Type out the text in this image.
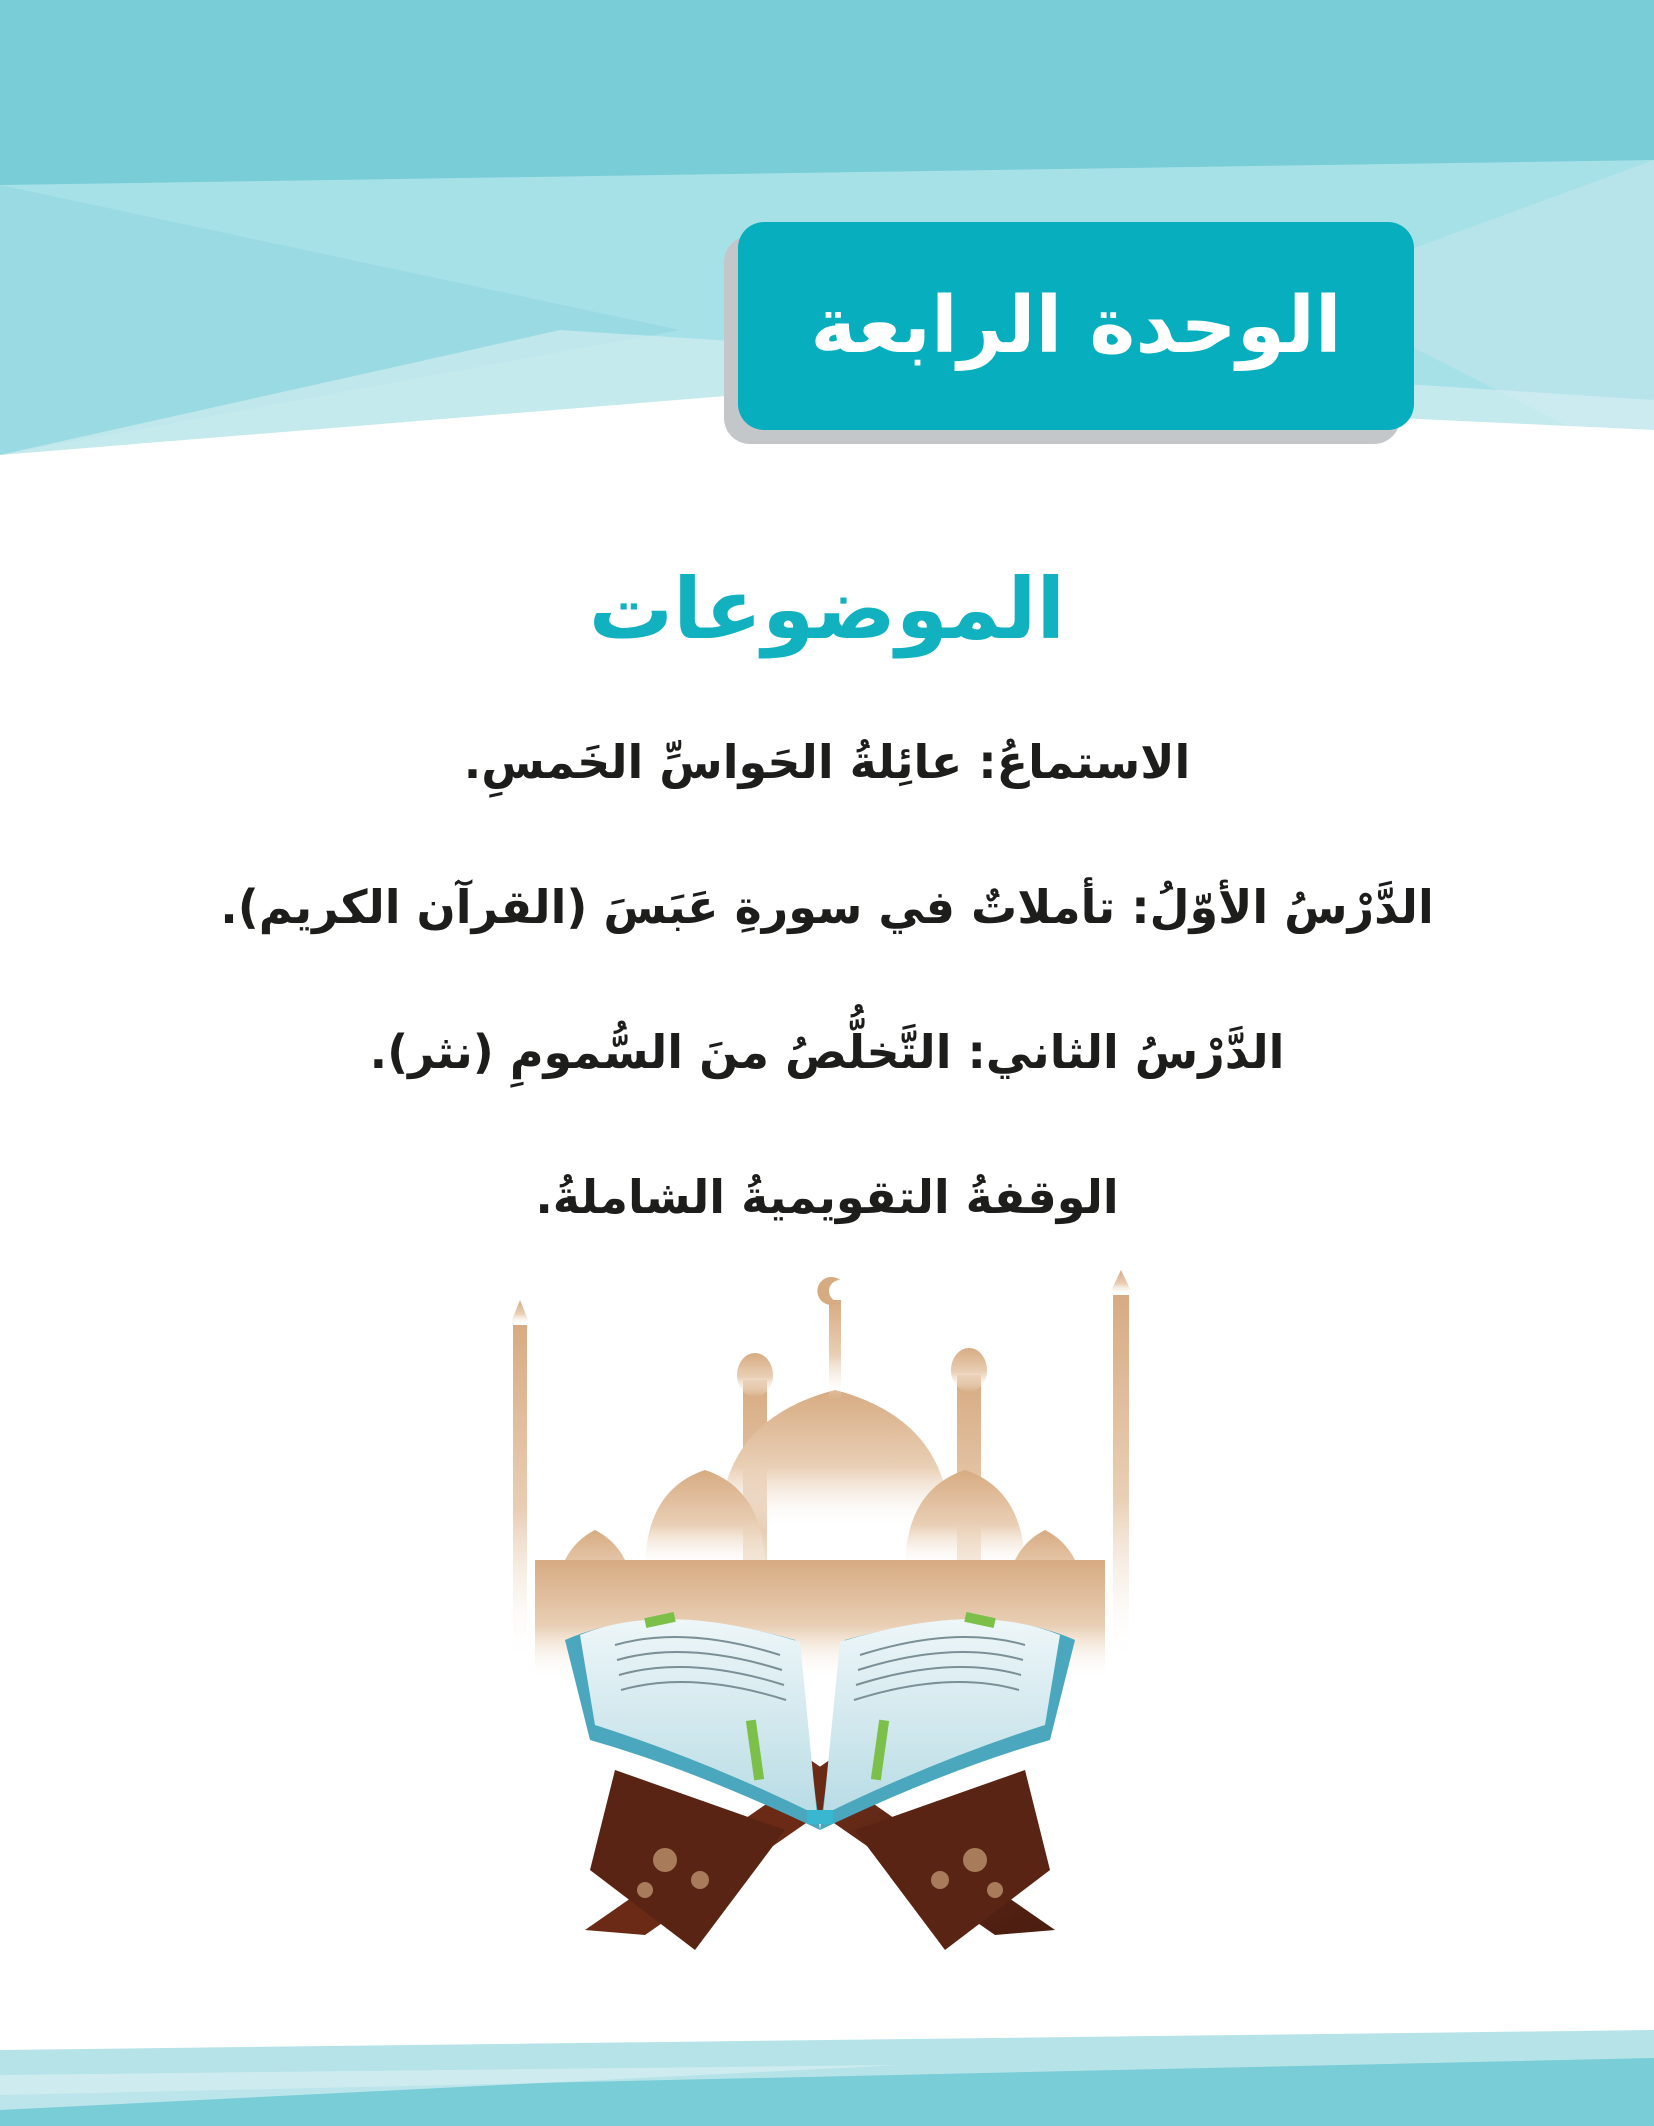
الوحدة الرابعة
الموضوعات
الاستماعُ: عائِلةُ الحَواسِّ الخَمسِ.
الدَّرْسُ الأوّلُ: تأملاتٌ في سورةِ عَبَسَ (القرآن الكريم).
الدَّرْسُ الثاني: التَّخلُّصُ منَ السُّمومِ (نثر).
الوقفةُ التقويميةُ الشاملةُ.
